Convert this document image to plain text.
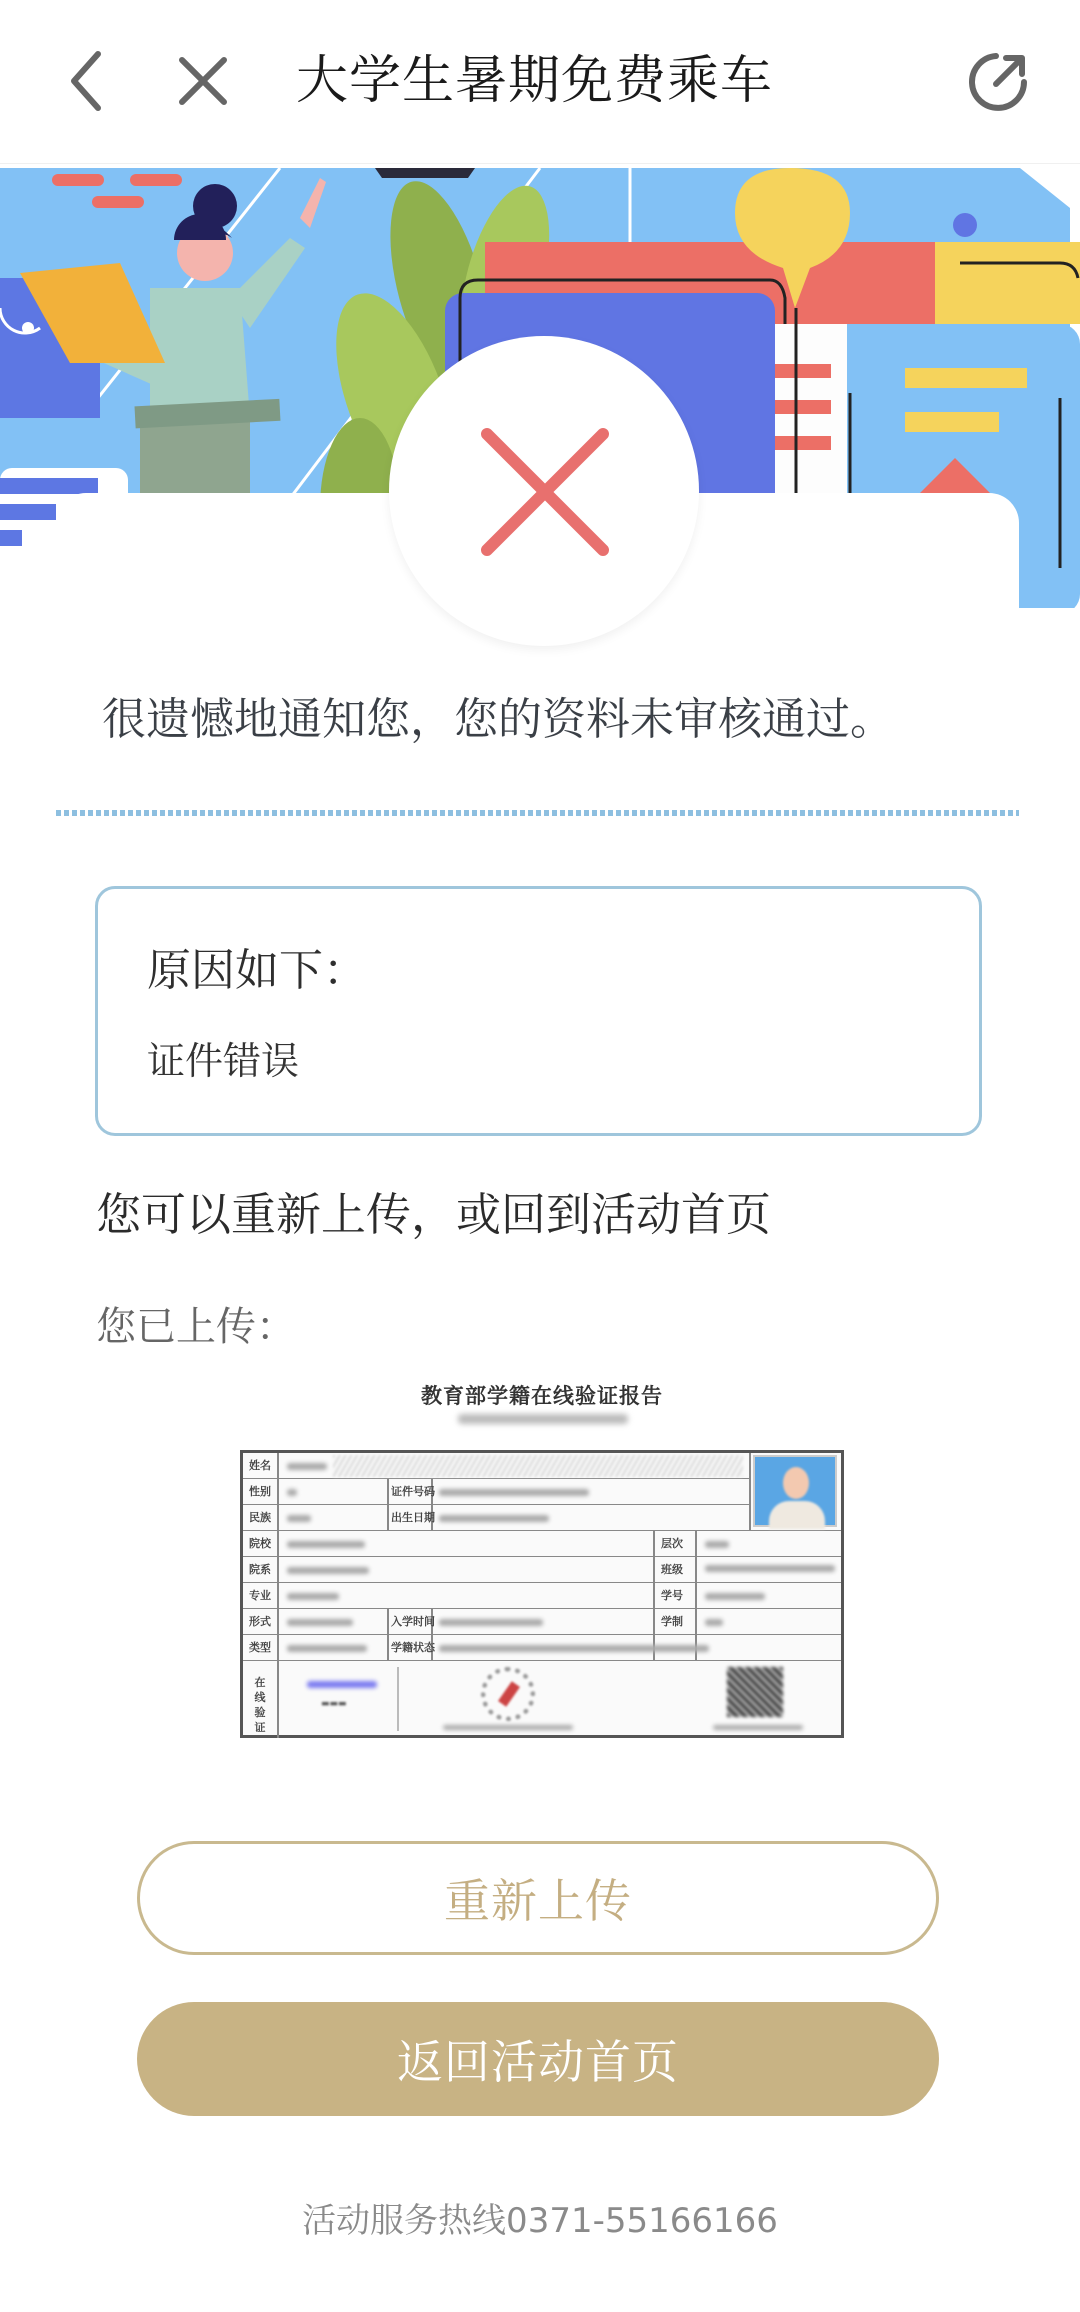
大学生暑期免费乘车
很遗憾地通知您，您的资料未审核通过。
原因如下：
证件错误
您可以重新上传，或回到活动首页
您已上传：
教育部学籍在线验证报告
姓名
性别	证件号码
民族	出生日期
院校	层次
院系	班级
专业	学号
形式	入学时间	学制
类型	学籍状态
在线验证
▬▬▬
重新上传
返回活动首页
活动服务热线0371-55166166
